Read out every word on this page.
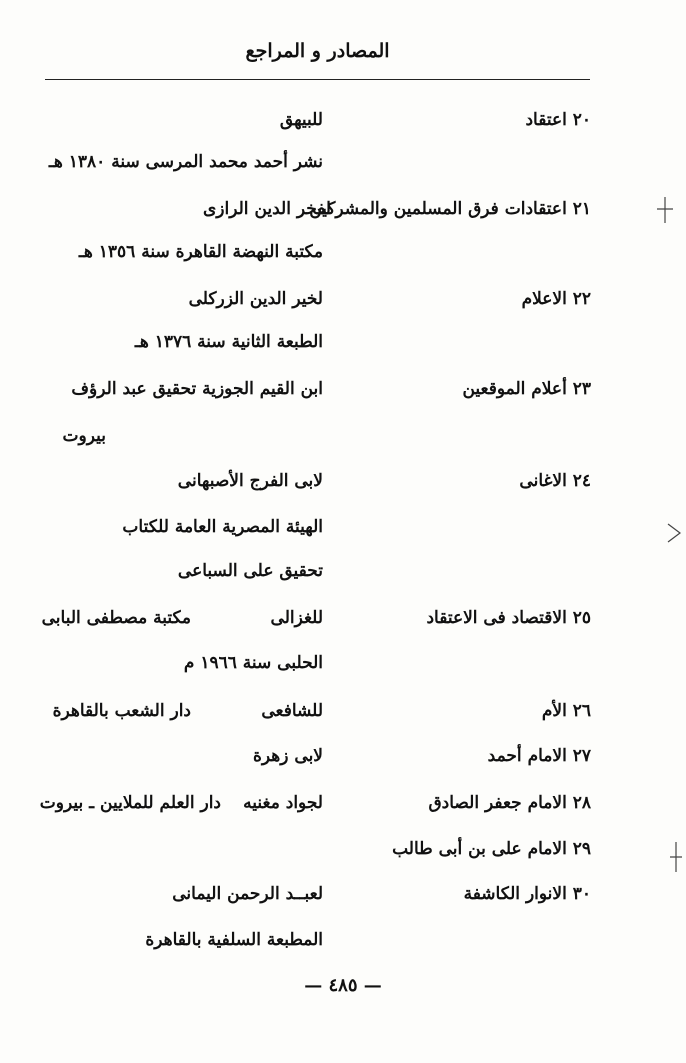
المصادر و المراجع
٢٠ اعتقاد
للبيهق
نشر أحمد محمد المرسى سنة ١٣٨٠ هـ
٢١ اعتقادات فرق المسلمين والمشركين
لفخر الدين الرازى
مكتبة النهضة القاهرة سنة ١٣٥٦ هـ
٢٢ الاعلام
لخير الدين الزركلى
الطبعة الثانية سنة ١٣٧٦ هـ
٢٣ أعلام الموقعين
ابن القيم الجوزية تحقيق عبد الرؤف
بيروت
٢٤ الاغانى
لابى الفرج الأصبهانى
الهيئة المصرية العامة للكتاب
تحقيق على السباعى
٢٥ الاقتصاد فى الاعتقاد
للغزالى
مكتبة مصطفى البابى
الحلبى سنة ١٩٦٦ م
٢٦ الأم
للشافعى
دار الشعب بالقاهرة
٢٧ الامام أحمد
لابى زهرة
٢٨ الامام جعفر الصادق
لجواد مغنيه
دار العلم للملايين ـ بيروت
٢٩ الامام على بن أبى طالب
٣٠ الانوار الكاشفة
لعبــد الرحمن اليمانى
المطبعة السلفية بالقاهرة
— ٤٨٥ —
